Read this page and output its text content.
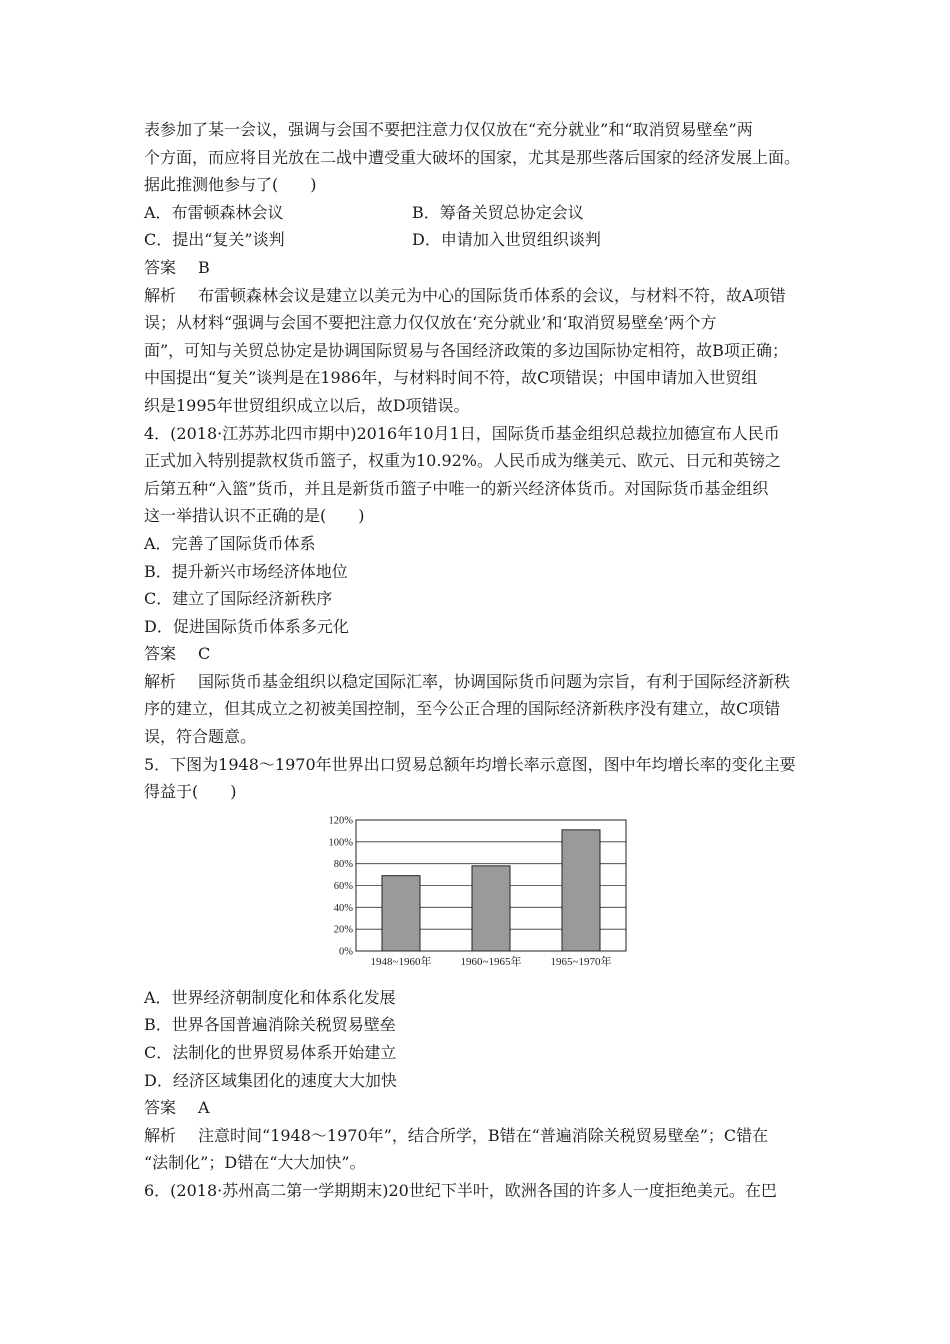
表参加了某一会议，强调与会国不要把注意力仅仅放在“充分就业”和“取消贸易壁垒”两
个方面，而应将目光放在二战中遭受重大破坏的国家，尤其是那些落后国家的经济发展上面。
据此推测他参与了(　　)
A．布雷顿森林会议	B．筹备关贸总协定会议
C．提出“复关”谈判	D．申请加入世贸组织谈判
答案 B
解析 布雷顿森林会议是建立以美元为中心的国际货币体系的会议，与材料不符，故A项错
误；从材料“强调与会国不要把注意力仅仅放在‘充分就业’和‘取消贸易壁垒’两个方
面”，可知与关贸总协定是协调国际贸易与各国经济政策的多边国际协定相符，故B项正确；
中国提出“复关”谈判是在1986年，与材料时间不符，故C项错误；中国申请加入世贸组
织是1995年世贸组织成立以后，故D项错误。
4．(2018·江苏苏北四市期中)2016年10月1日，国际货币基金组织总裁拉加德宣布人民币
正式加入特别提款权货币篮子，权重为10.92%。人民币成为继美元、欧元、日元和英镑之
后第五种“入篮”货币，并且是新货币篮子中唯一的新兴经济体货币。对国际货币基金组织
这一举措认识不正确的是(　　)
A．完善了国际货币体系
B．提升新兴市场经济体地位
C．建立了国际经济新秩序
D．促进国际货币体系多元化
答案 C
解析 国际货币基金组织以稳定国际汇率，协调国际货币问题为宗旨，有利于国际经济新秩
序的建立，但其成立之初被美国控制，至今公正合理的国际经济新秩序没有建立，故C项错
误，符合题意。
5．下图为1948～1970年世界出口贸易总额年均增长率示意图，图中年均增长率的变化主要
得益于(　　)
0%
20%
40%
60%
80%
100%
120%
1948~1960年	1960~1965年	1965~1970年
A．世界经济朝制度化和体系化发展
B．世界各国普遍消除关税贸易壁垒
C．法制化的世界贸易体系开始建立
D．经济区域集团化的速度大大加快
答案 A
解析 注意时间“1948～1970年”，结合所学，B错在“普遍消除关税贸易壁垒”；C错在
“法制化”；D错在“大大加快”。
6．(2018·苏州高二第一学期期末)20世纪下半叶，欧洲各国的许多人一度拒绝美元。在巴
